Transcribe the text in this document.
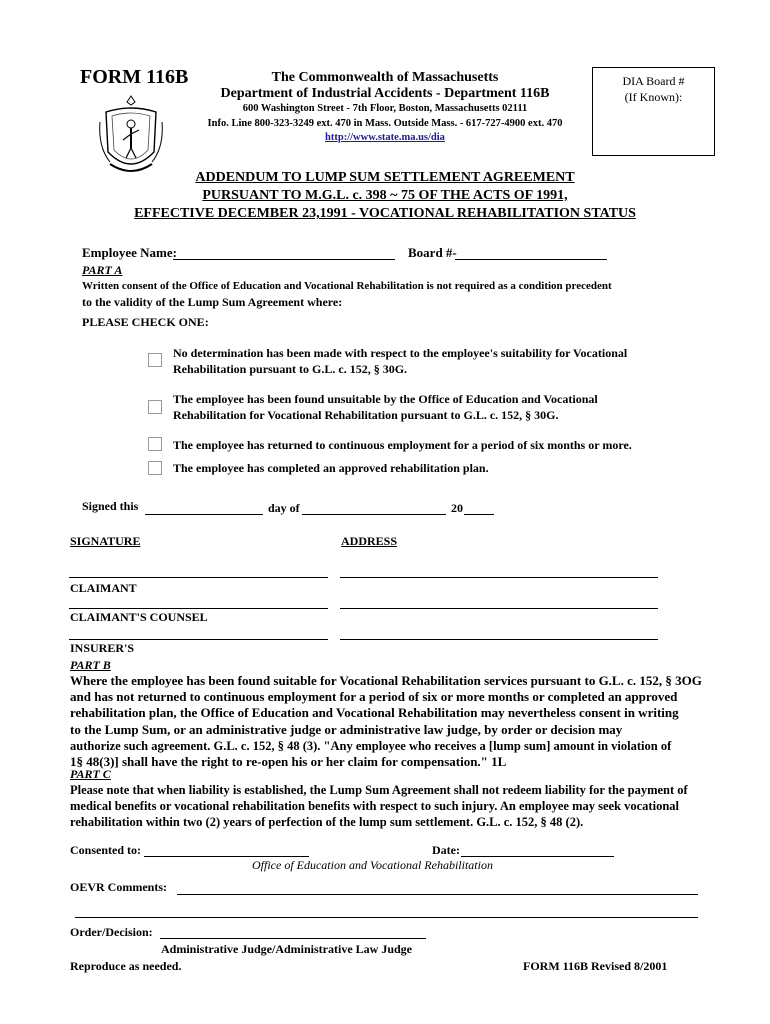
FORM 116B	The Commonwealth of Massachusetts
Department of Industrial Accidents - Department 116B
600 Washington Street - 7th Floor, Boston, Massachusetts 02111
Info. Line 800-323-3249 ext. 470 in Mass. Outside Mass. - 617-727-4900 ext. 470
http://www.state.ma.us/dia
DIA Board #
(If Known):
ADDENDUM TO LUMP SUM SETTLEMENT AGREEMENT
PURSUANT TO M.G.L. c. 398 ~ 75 OF THE ACTS OF 1991,
EFFECTIVE DECEMBER 23,1991 - VOCATIONAL REHABILITATION STATUS
Employee Name:	Board #-
PART A
Written consent of the Office of Education and Vocational Rehabilitation is not required as a condition precedent
to the validity of the Lump Sum Agreement where:
PLEASE CHECK ONE:
No determination has been made with respect to the employee's suitability for Vocational
Rehabilitation pursuant to G.L. c. 152, § 30G.
The employee has been found unsuitable by the Office of Education and Vocational
Rehabilitation for Vocational Rehabilitation pursuant to G.L. c. 152, § 30G.
The employee has returned to continuous employment for a period of six months or more.
The employee has completed an approved rehabilitation plan.
Signed this	day of	20
SIGNATURE	ADDRESS
CLAIMANT
CLAIMANT'S COUNSEL
INSURER'S
PART B
Where the employee has been found suitable for Vocational Rehabilitation services pursuant to G.L. c. 152, § 3OG
and has not returned to continuous employment for a period of six or more months or completed an approved
rehabilitation plan, the Office of Education and Vocational Rehabilitation may nevertheless consent in writing
to the Lump Sum, or an administrative judge or administrative law judge, by order or decision may
authorize such agreement. G.L. c. 152, § 48 (3). "Any employee who receives a [lump sum] amount in violation of
1§ 48(3)] shall have the right to re-open his or her claim for compensation." 1L
PART C
Please note that when liability is established, the Lump Sum Agreement shall not redeem liability for the payment of
medical benefits or vocational rehabilitation benefits with respect to such injury. An employee may seek vocational
rehabilitation within two (2) years of perfection of the lump sum settlement. G.L. c. 152, § 48 (2).
Consented to:	Date:
Office of Education and Vocational Rehabilitation
OEVR Comments:
Order/Decision:
Administrative Judge/Administrative Law Judge
Reproduce as needed.	FORM 116B Revised 8/2001
